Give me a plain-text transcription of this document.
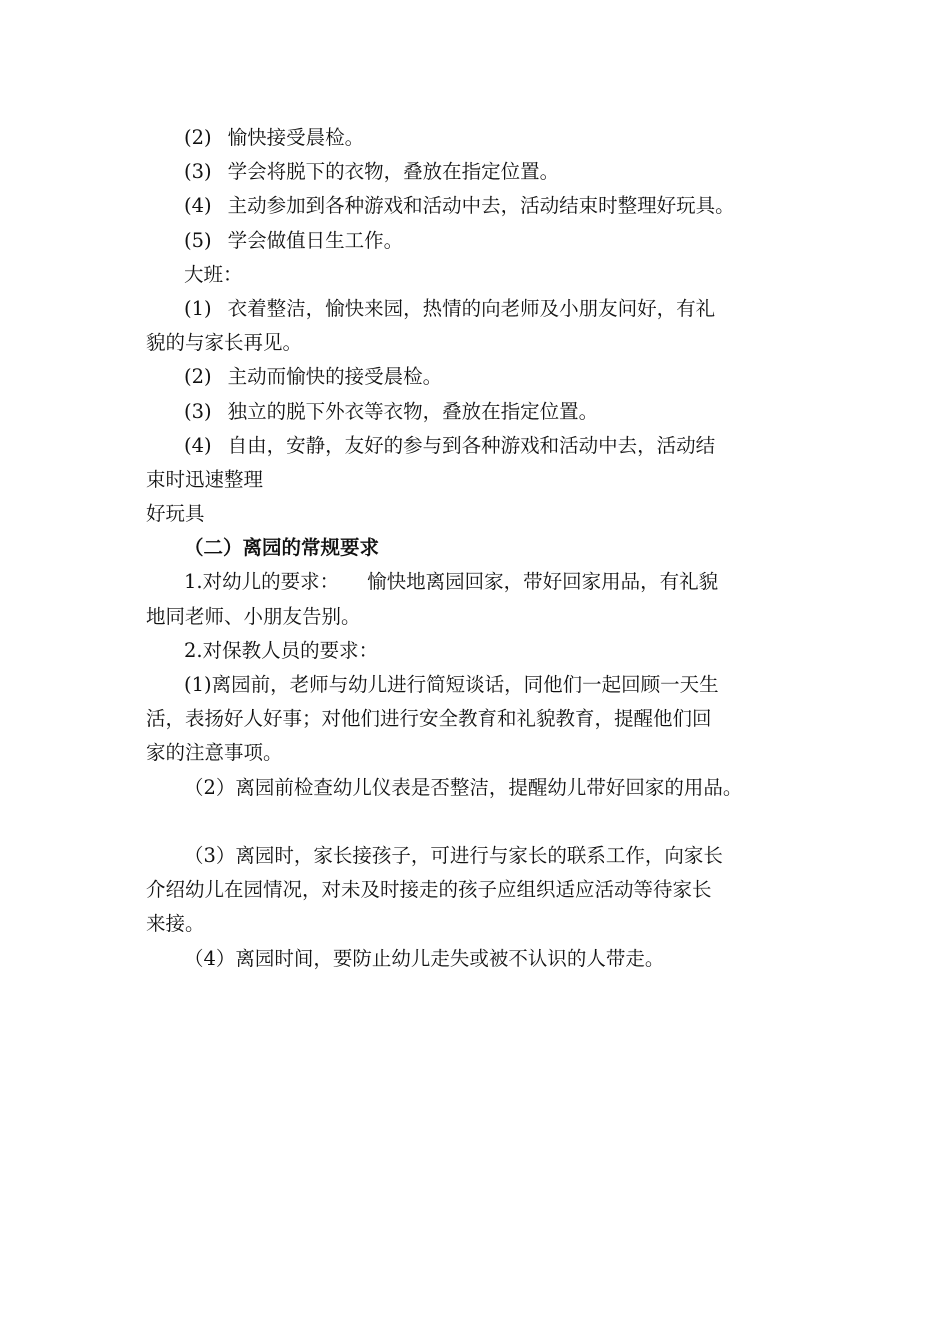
(2) 愉快接受晨检。
(3) 学会将脱下的衣物，叠放在指定位置。
(4) 主动参加到各种游戏和活动中去，活动结束时整理好玩具。
(5) 学会做值日生工作。
大班：
(1) 衣着整洁，愉快来园，热情的向老师及小朋友问好，有礼
貌的与家长再见。
(2) 主动而愉快的接受晨检。
(3) 独立的脱下外衣等衣物，叠放在指定位置。
(4) 自由，安静，友好的参与到各种游戏和活动中去，活动结
束时迅速整理
好玩具
（二）离园的常规要求
1.对幼儿的要求： 愉快地离园回家，带好回家用品，有礼貌
地同老师、小朋友告别。
2.对保教人员的要求：
(1)离园前，老师与幼儿进行简短谈话，同他们一起回顾一天生
活，表扬好人好事；对他们进行安全教育和礼貌教育，提醒他们回
家的注意事项。
（2）离园前检查幼儿仪表是否整洁，提醒幼儿带好回家的用品。
（3）离园时，家长接孩子，可进行与家长的联系工作，向家长
介绍幼儿在园情况，对未及时接走的孩子应组织适应活动等待家长
来接。
（4）离园时间，要防止幼儿走失或被不认识的人带走。
